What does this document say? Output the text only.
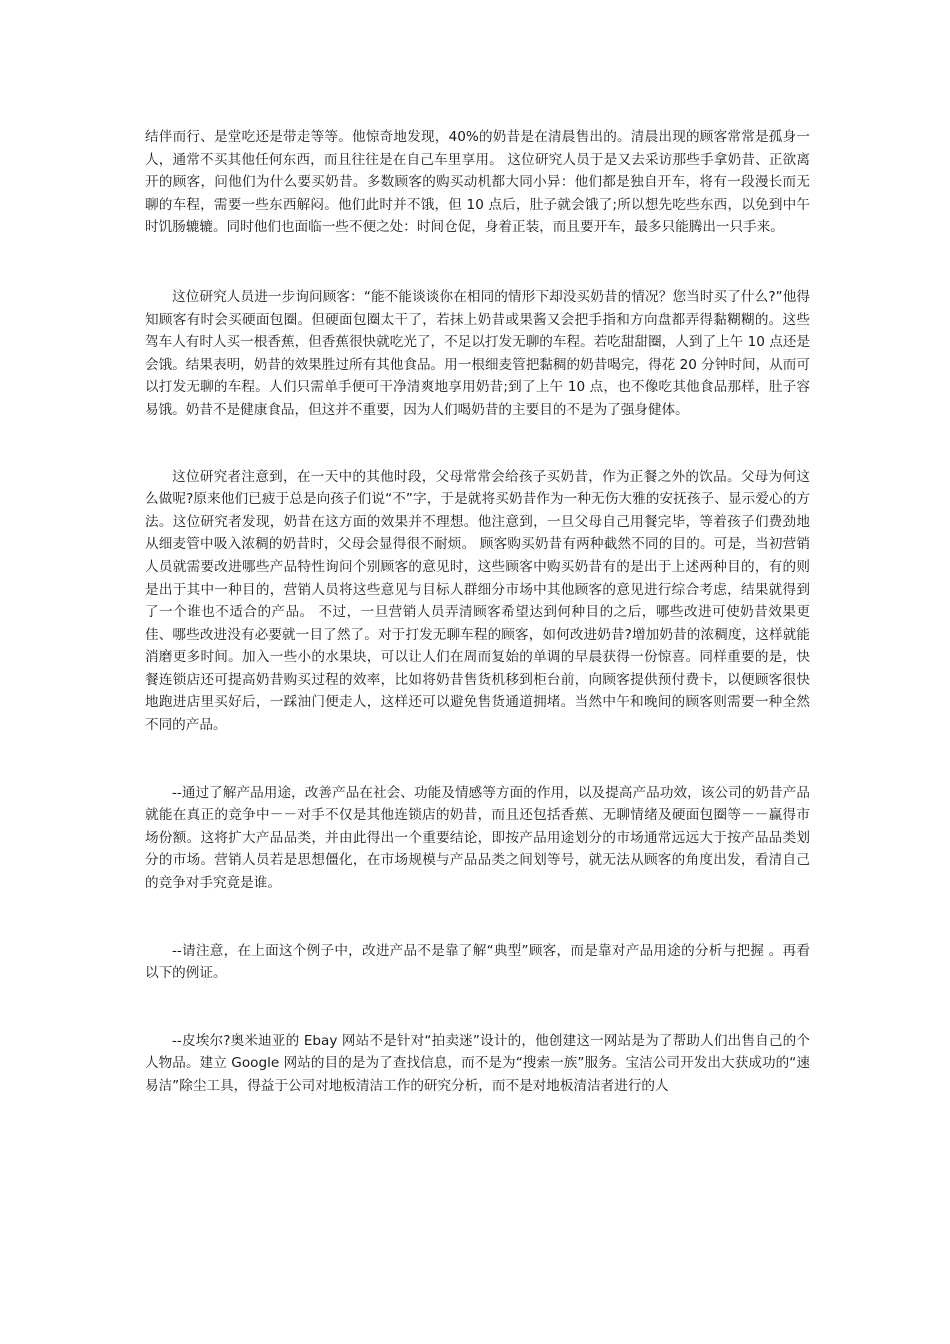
结伴而行、是堂吃还是带走等等。他惊奇地发现，40%的奶昔是在清晨售出的。清晨出现的顾客常常是孤身一人，通常不买其他任何东西，而且往往是在自己车里享用。 这位研究人员于是又去采访那些手拿奶昔、正欲离开的顾客，问他们为什么要买奶昔。多数顾客的购买动机都大同小异：他们都是独自开车，将有一段漫长而无聊的车程，需要一些东西解闷。他们此时并不饿，但 10 点后，肚子就会饿了;所以想先吃些东西，以免到中午时饥肠辘辘。同时他们也面临一些不便之处：时间仓促，身着正装，而且要开车，最多只能腾出一只手来。

这位研究人员进一步询问顾客：“能不能谈谈你在相同的情形下却没买奶昔的情况？您当时买了什么?”他得知顾客有时会买硬面包圈。但硬面包圈太干了，若抹上奶昔或果酱又会把手指和方向盘都弄得黏糊糊的。这些驾车人有时人买一根香蕉，但香蕉很快就吃光了，不足以打发无聊的车程。若吃甜甜圈，人到了上午 10 点还是会饿。结果表明，奶昔的效果胜过所有其他食品。用一根细麦管把黏稠的奶昔喝完，得花 20 分钟时间，从而可以打发无聊的车程。人们只需单手便可干净清爽地享用奶昔;到了上午 10 点，也不像吃其他食品那样，肚子容易饿。奶昔不是健康食品，但这并不重要，因为人们喝奶昔的主要目的不是为了强身健体。

这位研究者注意到，在一天中的其他时段，父母常常会给孩子买奶昔，作为正餐之外的饮品。父母为何这么做呢?原来他们已疲于总是向孩子们说“不”字，于是就将买奶昔作为一种无伤大雅的安抚孩子、显示爱心的方法。这位研究者发现，奶昔在这方面的效果并不理想。他注意到，一旦父母自己用餐完毕，等着孩子们费劲地从细麦管中吸入浓稠的奶昔时，父母会显得很不耐烦。 顾客购买奶昔有两种截然不同的目的。可是，当初营销人员就需要改进哪些产品特性询问个别顾客的意见时，这些顾客中购买奶昔有的是出于上述两种目的，有的则是出于其中一种目的，营销人员将这些意见与目标人群细分市场中其他顾客的意见进行综合考虑，结果就得到了一个谁也不适合的产品。 不过，一旦营销人员弄清顾客希望达到何种目的之后，哪些改进可使奶昔效果更佳、哪些改进没有必要就一目了然了。对于打发无聊车程的顾客，如何改进奶昔?增加奶昔的浓稠度，这样就能消磨更多时间。加入一些小的水果块，可以让人们在周而复始的单调的早晨获得一份惊喜。同样重要的是，快餐连锁店还可提高奶昔购买过程的效率，比如将奶昔售货机移到柜台前，向顾客提供预付费卡，以便顾客很快地跑进店里买好后，一踩油门便走人，这样还可以避免售货通道拥堵。当然中午和晚间的顾客则需要一种全然不同的产品。

--通过了解产品用途，改善产品在社会、功能及情感等方面的作用，以及提高产品功效，该公司的奶昔产品就能在真正的竞争中－－对手不仅是其他连锁店的奶昔，而且还包括香蕉、无聊情绪及硬面包圈等－－赢得市场份额。这将扩大产品品类，并由此得出一个重要结论，即按产品用途划分的市场通常远远大于按产品品类划分的市场。营销人员若是思想僵化，在市场规模与产品品类之间划等号，就无法从顾客的角度出发，看清自己的竞争对手究竟是谁。

--请注意，在上面这个例子中，改进产品不是靠了解“典型”顾客，而是靠对产品用途的分析与把握 。再看以下的例证。

--皮埃尔?奥米迪亚的 Ebay 网站不是针对“拍卖迷”设计的，他创建这一网站是为了帮助人们出售自己的个人物品。建立 Google 网站的目的是为了查找信息，而不是为“搜索一族”服务。宝洁公司开发出大获成功的“速易洁”除尘工具，得益于公司对地板清洁工作的研究分析，而不是对地板清洁者进行的人
